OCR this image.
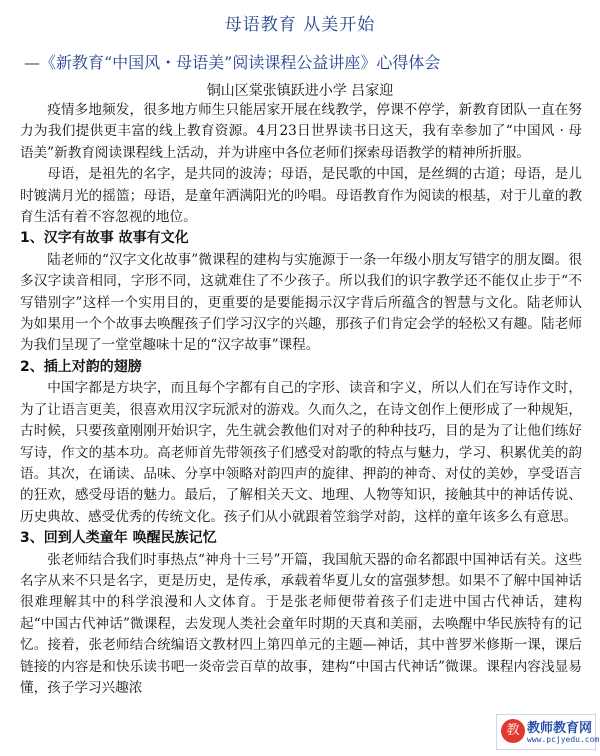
母语教育 从美开始
—《新教育“中国风・母语美”阅读课程公益讲座》心得体会
铜山区棠张镇跃进小学 吕家迎

疫情多地频发，很多地方师生只能居家开展在线教学，停课不停学，新教育团队一直在努力为我们提供更丰富的线上教育资源。4月23日世界读书日这天，我有幸参加了“中国风 · 母语美”新教育阅读课程线上活动，并为讲座中各位老师们探索母语教学的精神所折服。

母语，是祖先的名字，是共同的波涛；母语，是民歌的中国，是丝绸的古道；母语，是儿时镀满月光的摇篮；母语，是童年洒满阳光的吟唱。母语教育作为阅读的根基，对于儿童的教育生活有着不容忽视的地位。

1、汉字有故事 故事有文化

陆老师的“汉字文化故事”微课程的建构与实施源于一条一年级小朋友写错字的朋友圈。很多汉字读音相同，字形不同，这就难住了不少孩子。所以我们的识字教学还不能仅止步于“不写错别字”这样一个实用目的，更重要的是要能揭示汉字背后所蕴含的智慧与文化。陆老师认为如果用一个个故事去唤醒孩子们学习汉字的兴趣，那孩子们肯定会学的轻松又有趣。陆老师为我们呈现了一堂堂趣味十足的“汉字故事”课程。

2、插上对韵的翅膀

中国字都是方块字，而且每个字都有自己的字形、读音和字义，所以人们在写诗作文时，为了让语言更美，很喜欢用汉字玩派对的游戏。久而久之，在诗文创作上便形成了一种规矩，古时候，只要孩童刚刚开始识字，先生就会教他们对对子的种种技巧，目的是为了让他们练好写诗，作文的基本功。高老师首先带领孩子们感受对韵歌的特点与魅力，学习、积累优美的韵语。其次，在诵读、品味、分享中领略对韵四声的旋律、押韵的神奇、对仗的美妙，享受语言的狂欢，感受母语的魅力。最后，了解相关天文、地理、人物等知识，接触其中的神话传说、历史典故、感受优秀的传统文化。孩子们从小就跟着笠翁学对韵，这样的童年该多么有意思。

3、回到人类童年 唤醒民族记忆

张老师结合我们时事热点“神舟十三号”开篇，我国航天器的命名都跟中国神话有关。这些名字从来不只是名字，更是历史，是传承，承载着华夏儿女的富强梦想。如果不了解中国神话很难理解其中的科学浪漫和人文体育。于是张老师便带着孩子们走进中国古代神话，建构起“中国古代神话”微课程，去发现人类社会童年时期的天真和美丽，去唤醒中华民族特有的记忆。接着，张老师结合统编语文教材四上第四单元的主题—神话，其中普罗米修斯一课，课后链接的内容是和快乐读书吧一炎帝尝百草的故事，建构“中国古代神话”微课。课程内容浅显易懂，孩子学习兴趣浓

教 教师教育网
www.pcjyedu.com
